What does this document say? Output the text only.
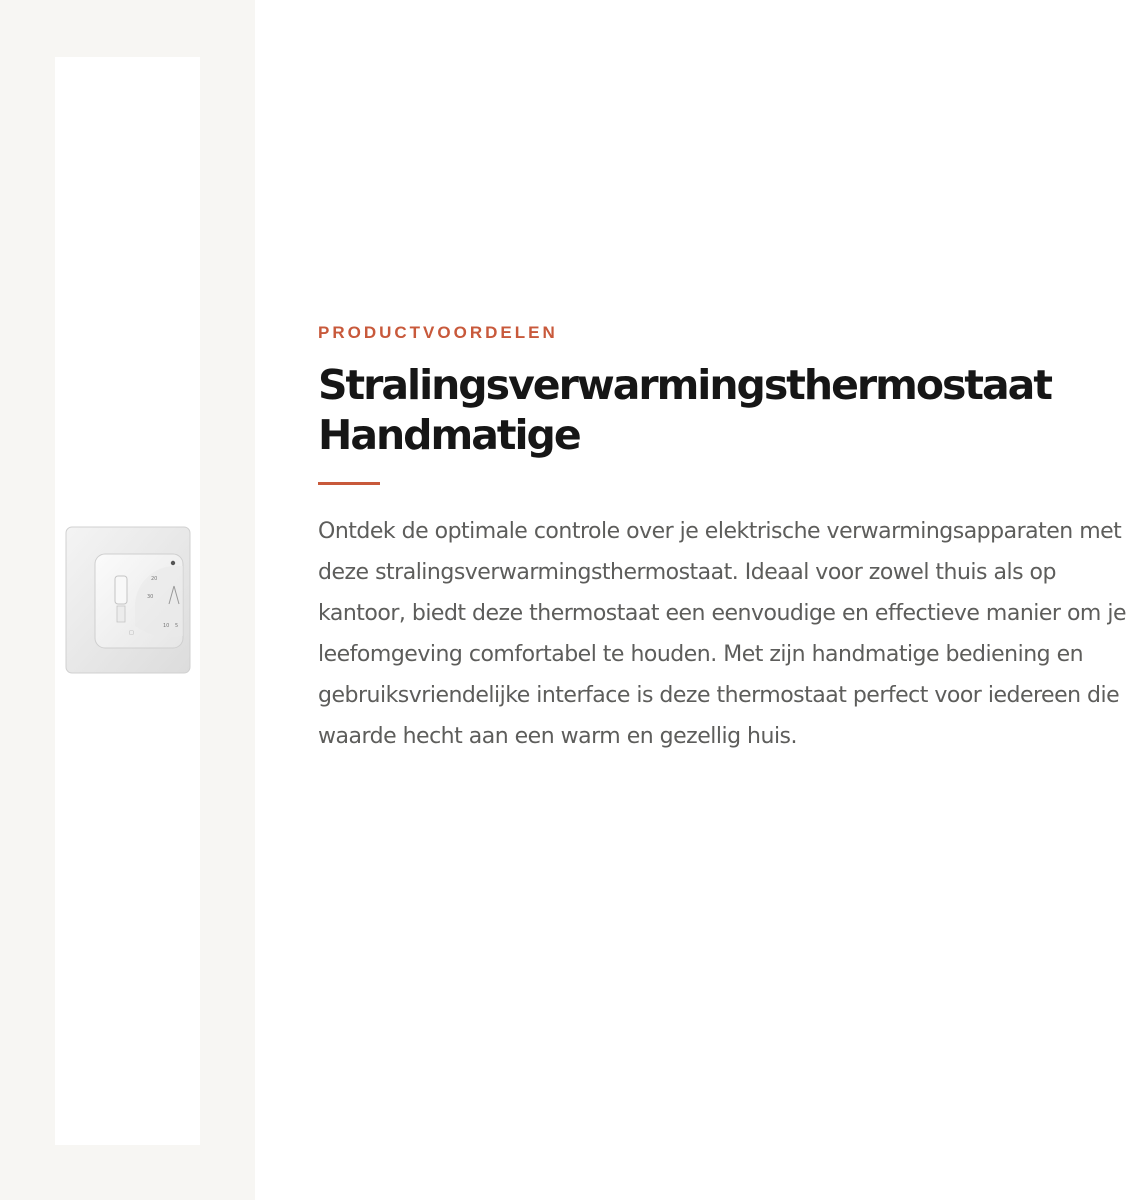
20
30
10 5
□

PRODUCTVOORDELEN

Stralingsverwarmingsthermostaat
Handmatige

Ontdek de optimale controle over je elektrische verwarmingsapparaten met deze stralingsverwarmingsthermostaat. Ideaal voor zowel thuis als op kantoor, biedt deze thermostaat een eenvoudige en effectieve manier om je leefomgeving comfortabel te houden. Met zijn handmatige bediening en gebruiksvriendelijke interface is deze thermostaat perfect voor iedereen die waarde hecht aan een warm en gezellig huis.
